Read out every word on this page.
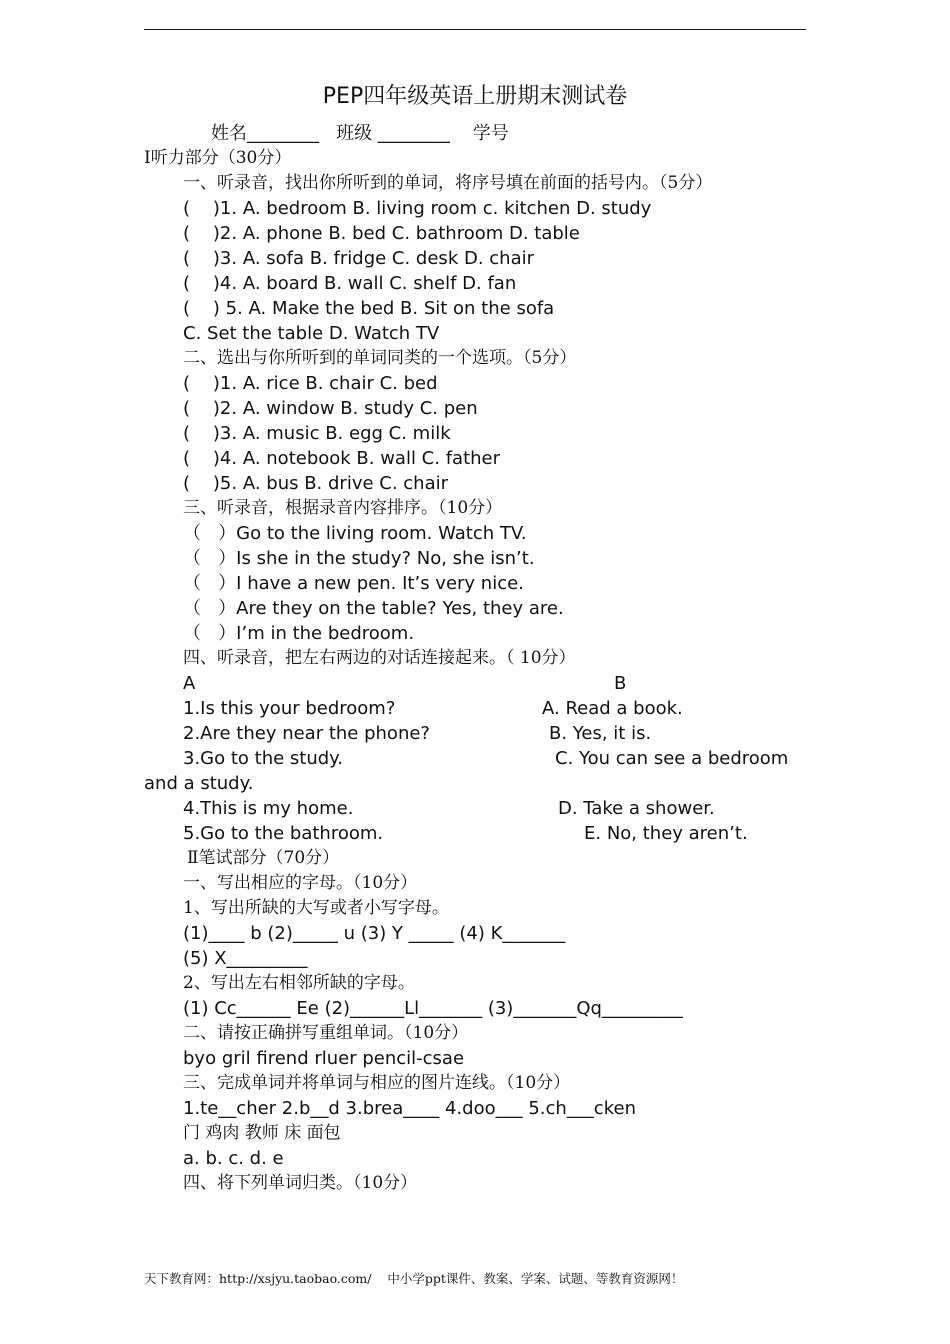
PEP四年级英语上册期末测试卷
姓名________   班级 ________    学号
I听力部分（30分）
一、听录音，找出你所听到的单词，将序号填在前面的括号内。（5分）
(    )1. A. bedroom B. living room c. kitchen D. study
(    )2. A. phone B. bed C. bathroom D. table
(    )3. A. sofa B. fridge C. desk D. chair
(    )4. A. board B. wall C. shelf D. fan
(    ) 5. A. Make the bed B. Sit on the sofa
C. Set the table D. Watch TV
二、选出与你所听到的单词同类的一个选项。（5分）
(    )1. A. rice B. chair C. bed
(    )2. A. window B. study C. pen
(    )3. A. music B. egg C. milk
(    )4. A. notebook B. wall C. father
(    )5. A. bus B. drive C. chair
三、听录音，根据录音内容排序。（10分）
（   ）Go to the living room. Watch TV.
（   ）Is she in the study? No, she isn’t.
（   ）I have a new pen. It’s very nice.
（   ）Are they on the table? Yes, they are.
（   ）I’m in the bedroom.
四、听录音，把左右两边的对话连接起来。（ 10分）
A	B
1.Is this your bedroom?	A. Read a book.
2.Are they near the phone?	B. Yes, it is.
3.Go to the study.	C. You can see a bedroom
and a study.
4.This is my home.	D. Take a shower.
5.Go to the bathroom.	E. No, they aren’t.
Ⅱ笔试部分（70分）
一、写出相应的字母。（10分）
1、写出所缺的大写或者小写字母。
(1)____ b (2)_____ u (3) Y _____ (4) K_______
(5) X_________
2、写出左右相邻所缺的字母。
(1) Cc______ Ee (2)______Ll_______ (3)_______Qq_________
二、请按正确拼写重组单词。（10分）
byo gril firend rluer pencil-csae
三、完成单词并将单词与相应的图片连线。（10分）
1.te__cher 2.b__d 3.brea____ 4.doo___ 5.ch___cken
门 鸡肉 教师 床 面包
a. b. c. d. e
四、将下列单词归类。（10分）
天下教育网：http://xsjyu.taobao.com/    中小学ppt课件、教案、学案、试题、等教育资源网！
